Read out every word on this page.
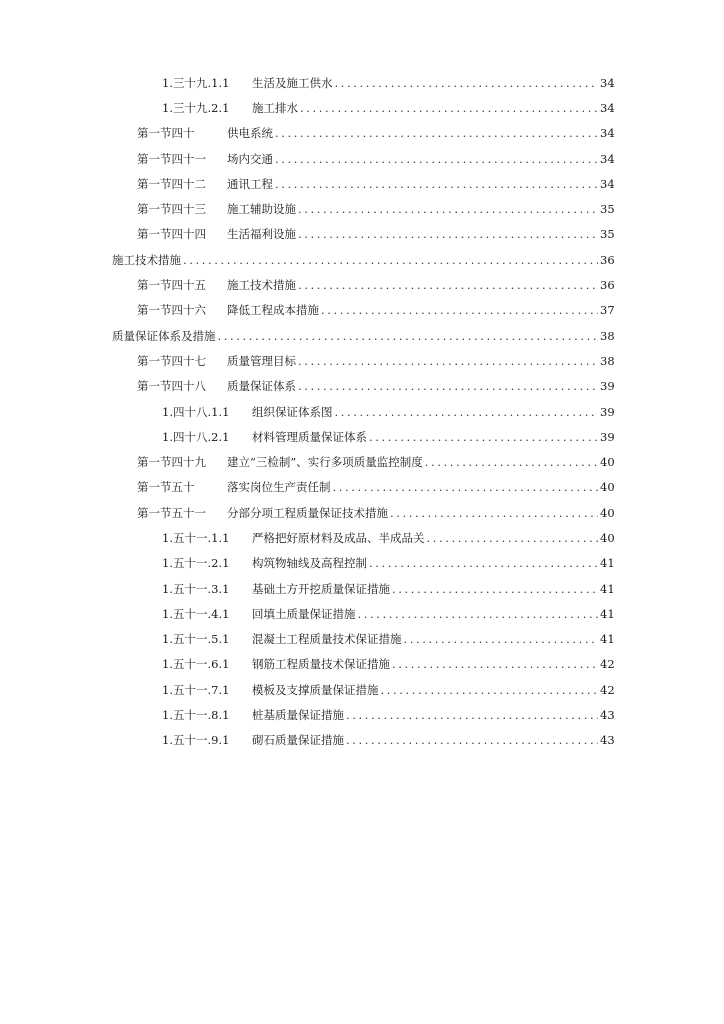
1.三十九.1.1	生活及施工供水 .....	34
1.三十九.2.1	施工排水 .....	34
第一节四十	供电系统 .....	34
第一节四十一	场内交通 .....	34
第一节四十二	通讯工程 .....	34
第一节四十三	施工辅助设施 .....	35
第一节四十四	生活福利设施 .....	35
施工技术措施 .....	36
第一节四十五	施工技术措施 .....	36
第一节四十六	降低工程成本措施 .....	37
质量保证体系及措施 .....	38
第一节四十七	质量管理目标 .....	38
第一节四十八	质量保证体系 .....	39
1.四十八.1.1	组织保证体系图 .....	39
1.四十八.2.1	材料管理质量保证体系 .....	39
第一节四十九	建立“三检制”、实行多项质量监控制度 .....	40
第一节五十	落实岗位生产责任制 .....	40
第一节五十一	分部分项工程质量保证技术措施 .....	40
1.五十一.1.1	严格把好原材料及成品、半成品关 .....	40
1.五十一.2.1	构筑物轴线及高程控制 .....	41
1.五十一.3.1	基础土方开挖质量保证措施 .....	41
1.五十一.4.1	回填土质量保证措施 .....	41
1.五十一.5.1	混凝土工程质量技术保证措施 .....	41
1.五十一.6.1	钢筋工程质量技术保证措施 .....	42
1.五十一.7.1	模板及支撑质量保证措施 .....	42
1.五十一.8.1	桩基质量保证措施 .....	43
1.五十一.9.1	砌石质量保证措施 .....	43
